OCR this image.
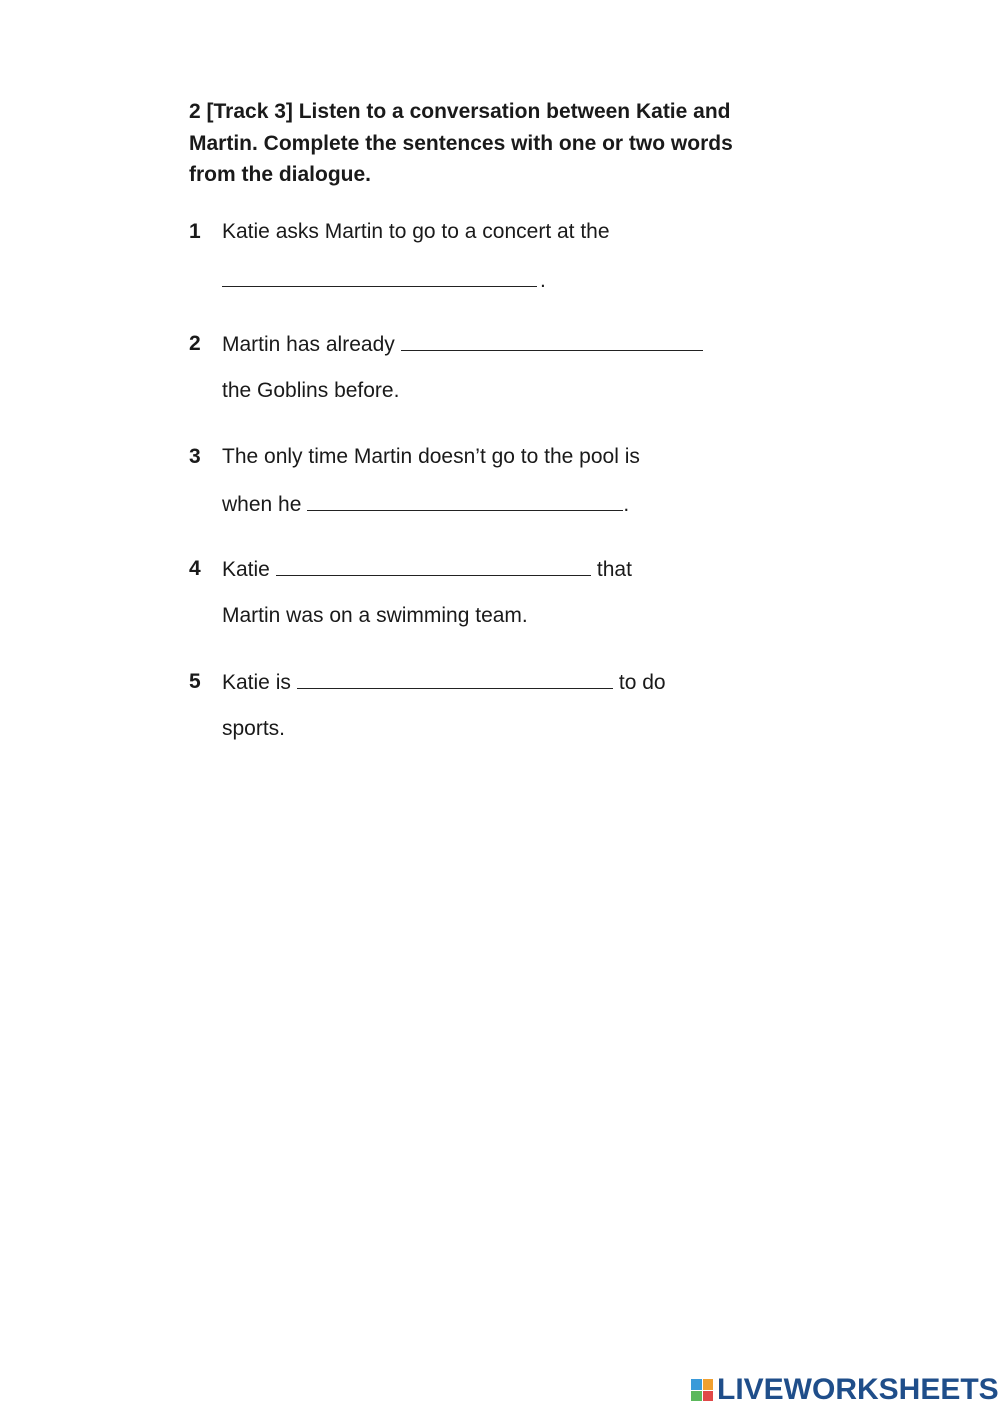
2 [Track 3] Listen to a conversation between Katie and Martin. Complete the sentences with one or two words from the dialogue.
1 Katie asks Martin to go to a concert at the
.
2 Martin has already
the Goblins before.
3 The only time Martin doesn’t go to the pool is
when he	.
4 Katie	that
Martin was on a swimming team.
5 Katie is	to do
sports.
LIVEWORKSHEETS
